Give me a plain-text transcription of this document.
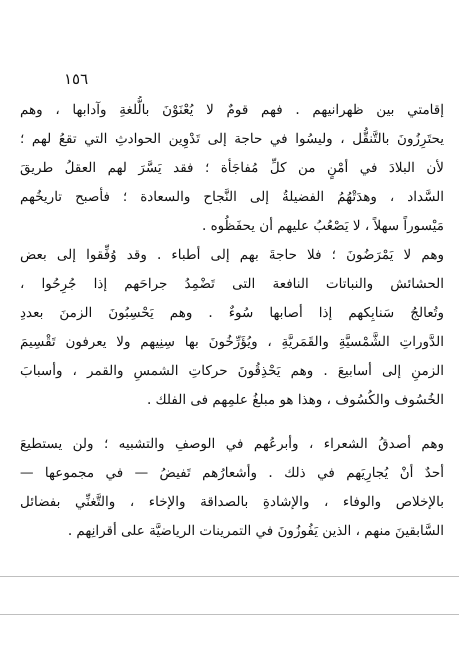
١٥٦
إقامتي بين ظهرانيهم . فهم قومٌ لا يُعْنَوْنَ بالُّلغةِ وآدابها ، وهم
يحتَرِزُونَ بالتَّنقُّل ، وليسُوا في حاجة إلى تَدْوِين الحوادثِ التي تقعُ لهم ؛
لأن البلادَ في أمْنٍ من كلِّ مُفاجَأة ؛ فقد يَسَّرَ لهم العقلُ طريقَ
السَّداد ، وهدَتْهُمُ الفضيلةُ إلى النَّجاح والسعادة ؛ فأصبح تاريخُهم
مَيْسوراً سهلاً ، لا يَصْعُبُ عليهم أن يحفَظُوه .
وهم لا يَمْرَضُونَ ؛ فلا حاجةَ بهم إلى أطباء . وقد وُفِّقوا إلى بعض
الحشائش والنباتات النافعة التى تَضْمِدُ جراحَهم إذا جُرِحُوا ،
وتُعالجُ سَنابِكهم إذا أصابها سُوءٌ . وهم يَحْسِبُونَ الزمنَ بعددِ
الدَّوراتِ الشَّمْسيَّةِ والقَمَريَّةِ ، ويُؤَرِّخُونَ بها سِنِيهم ولا يعرفون تَقْسِيمَ
الزمنِ إلى أسابيعَ . وهم يَحْذِقُونَ حركاتِ الشمسِ والقمر ، وأسبابَ
الخُسُوف والكُسُوف ، وهذا هو مبلغُ علمِهم فى الفلك .
وهم أصدقُ الشعراء ، وأبرعُهم في الوصفِ والتشبيه ؛ ولن يستطيعَ
أحدٌ أنْ يُجارِيَهم في ذلك . وأشعارُهم تَفيضُ — في مجموعها —
بالإخلاص والوفاء ، والإشادةِ بالصداقة والإخاء ، والتَّغنِّي بفضائل
السَّابقينَ منهم ، الذين يَفُوزُونَ في التمرينات الرياضيَّة على أقرانِهم .
